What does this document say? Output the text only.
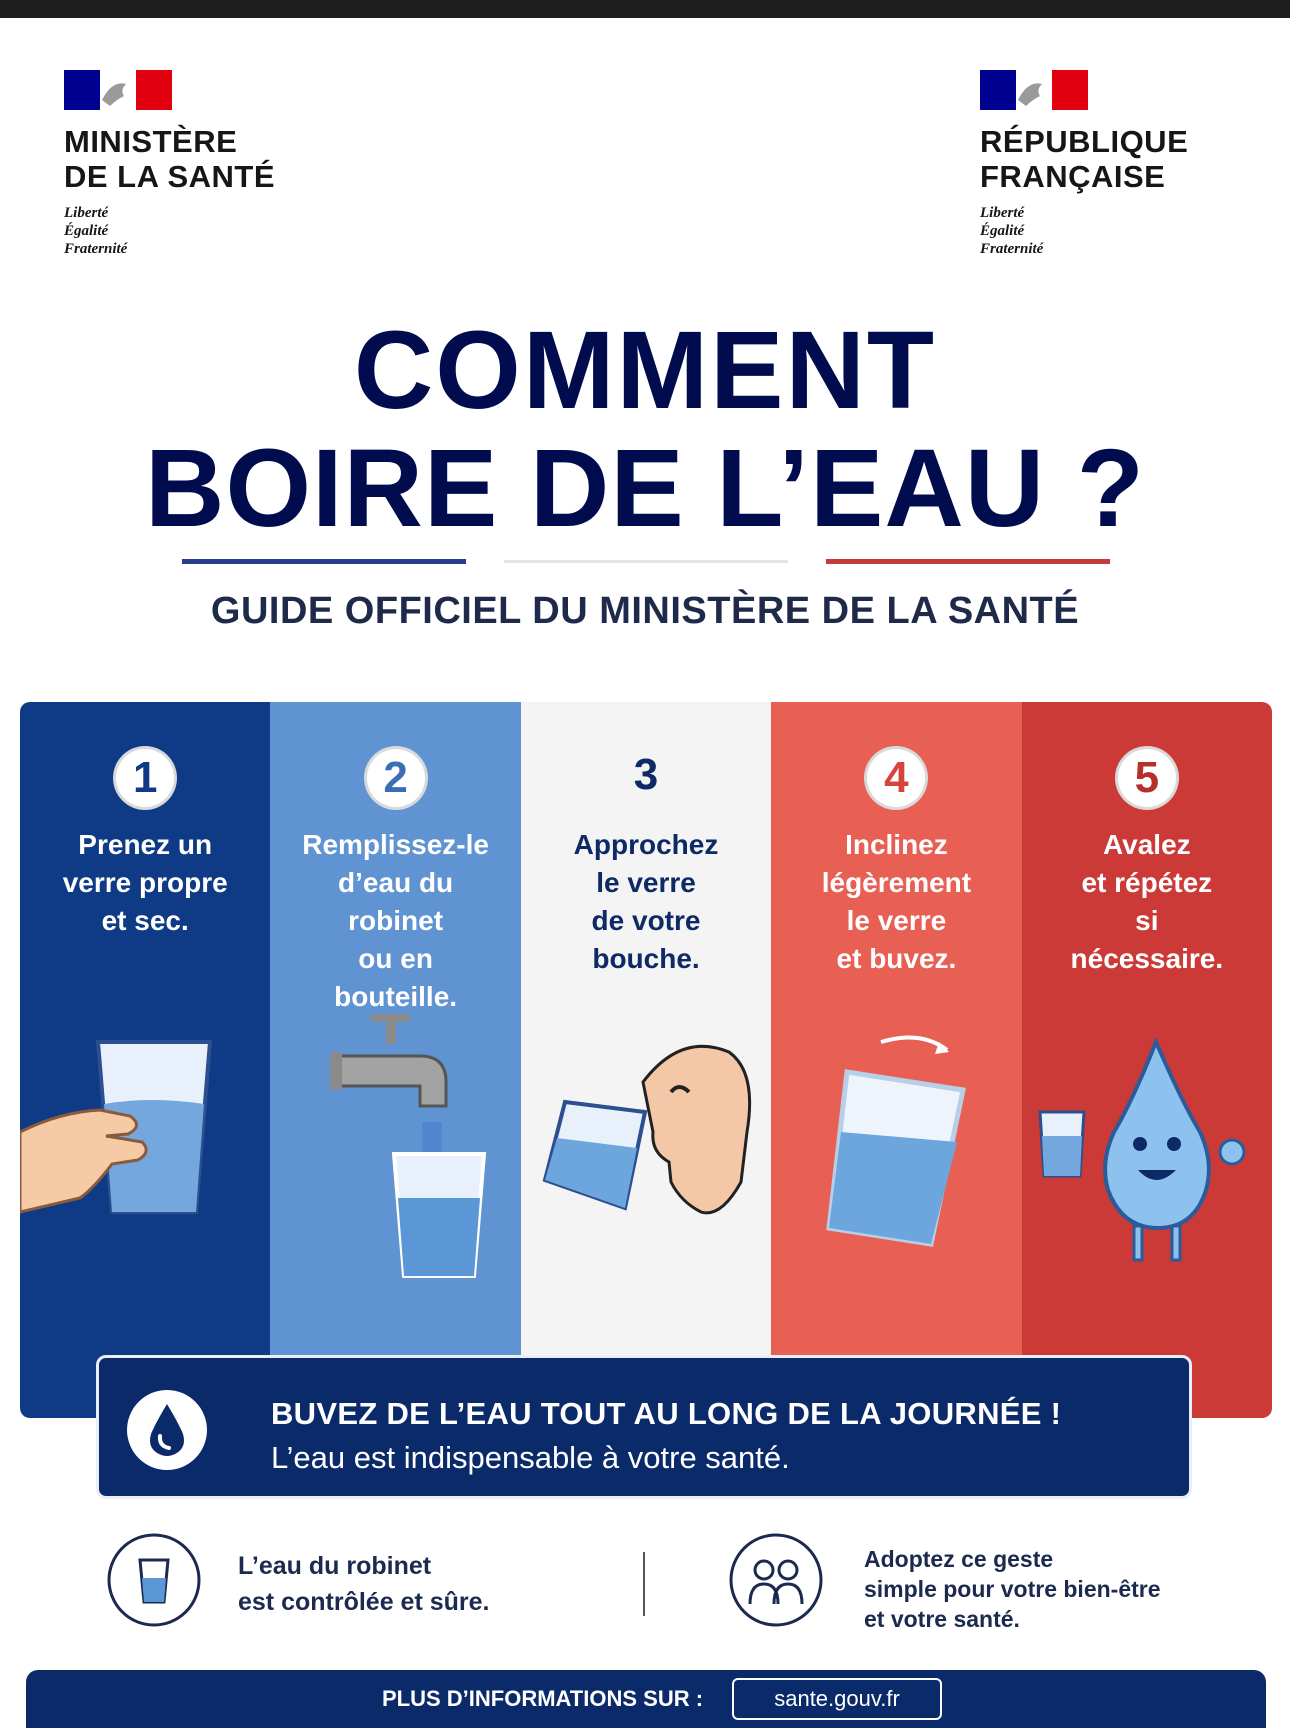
MINISTÈRE
DE LA SANTÉ
Liberté
Égalité
Fraternité
RÉPUBLIQUE
FRANÇAISE
Liberté
Égalité
Fraternité
COMMENT
BOIRE DE L’EAU ?
GUIDE OFFICIEL DU MINISTÈRE DE LA SANTÉ
1
Prenez un
verre propre
et sec.
2
Remplissez-le
d’eau du
robinet
ou en
bouteille.
3
Approchez
le verre
de votre
bouche.
4
Inclinez
légèrement
le verre
et buvez.
5
Avalez
et répétez
si
nécessaire.
BUVEZ DE L’EAU TOUT AU LONG DE LA JOURNÉE !
L’eau est indispensable à votre santé.
L’eau du robinet
est contrôlée et sûre.
Adoptez ce geste
simple pour votre bien-être
et votre santé.
PLUS D’INFORMATIONS SUR :	sante.gouv.fr
